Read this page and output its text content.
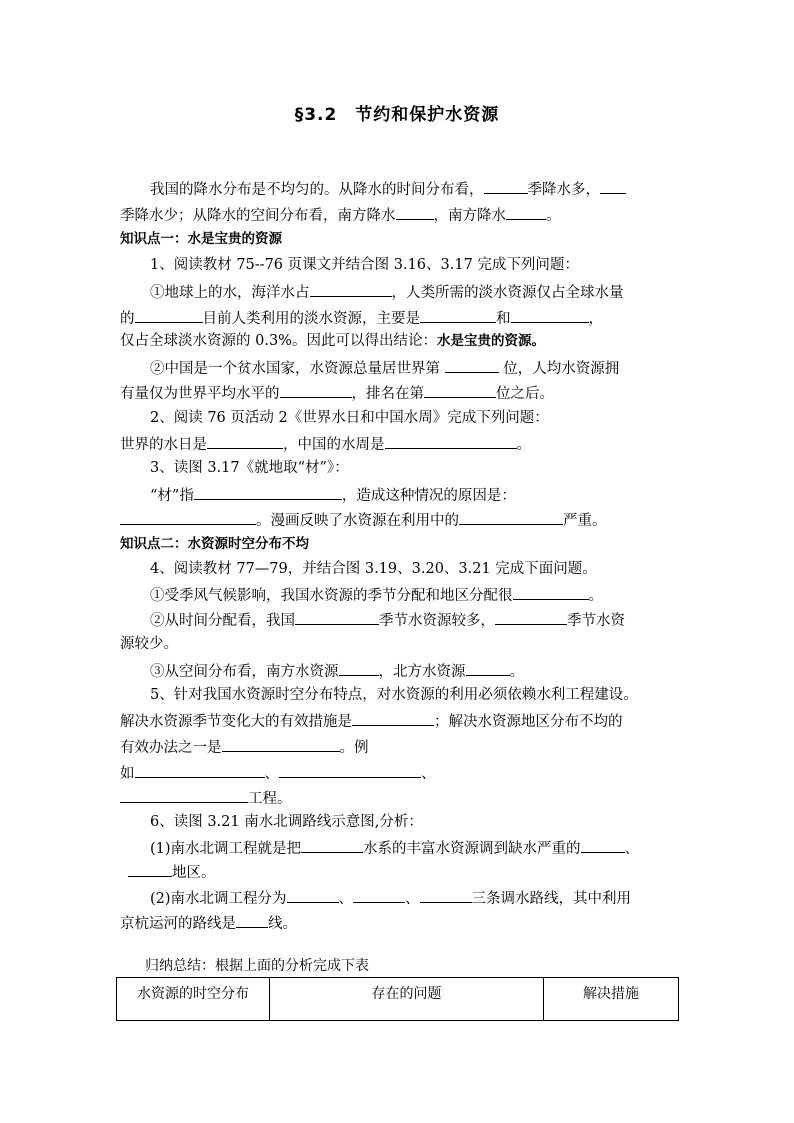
§3.2　节约和保护水资源
我国的降水分布是不均匀的。从降水的时间分布看，	季降水多，
季降水少；从降水的空间分布看，南方降水	，南方降水	。
知识点一：水是宝贵的资源
1、阅读教材 75--76 页课文并结合图 3.16、3.17 完成下列问题：
①地球上的水，海洋水占	，人类所需的淡水资源仅占全球水量
的	目前人类利用的淡水资源，主要是	和	，
仅占全球淡水资源的 0.3%。因此可以得出结论：水是宝贵的资源。
②中国是一个贫水国家，水资源总量居世界第	位，人均水资源拥
有量仅为世界平均水平的	，排名在第	位之后。
2、阅读 76 页活动 2《世界水日和中国水周》完成下列问题：
世界的水日是	，中国的水周是	。
3、读图 3.17《就地取“材”》：
“材”指	，造成这种情况的原因是：
。漫画反映了水资源在利用中的	严重。
知识点二：水资源时空分布不均
4、阅读教材 77—79，并结合图 3.19、3.20、3.21 完成下面问题。
①受季风气候影响，我国水资源的季节分配和地区分配很	。
②从时间分配看，我国	季节水资源较多，	季节水资
源较少。
③从空间分布看，南方水资源	，北方水资源	。
5、针对我国水资源时空分布特点，对水资源的利用必须依赖水利工程建设。
解决水资源季节变化大的有效措施是	；解决水资源地区分布不均的
有效办法之一是	。例
如	、	、
工程。
6、读图 3.21 南水北调路线示意图,分析：
(1)南水北调工程就是把	水系的丰富水资源调到缺水严重的	、
地区。
(2)南水北调工程分为	、	、	三条调水路线，其中利用
京杭运河的路线是 线。
归纳总结：根据上面的分析完成下表
水资源的时空分布	存在的问题	解决措施
